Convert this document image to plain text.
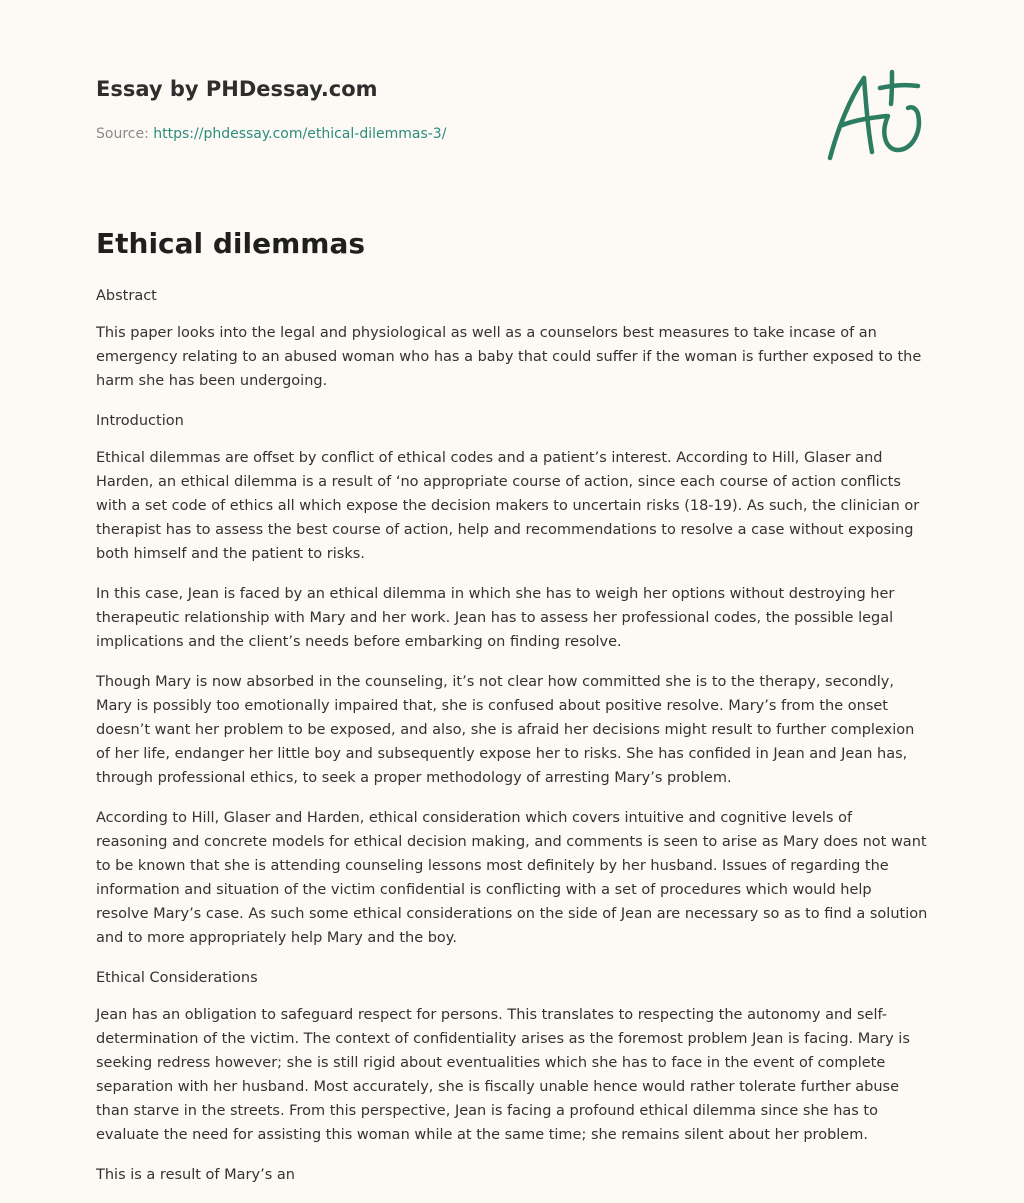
Essay by PHDessay.com
Source: https://phdessay.com/ethical-dilemmas-3/
Ethical dilemmas

Abstract

This paper looks into the legal and physiological as well as a counselors best measures to take incase of an emergency relating to an abused woman who has a baby that could suffer if the woman is further exposed to the harm she has been undergoing.

Introduction

Ethical dilemmas are offset by conflict of ethical codes and a patient’s interest. According to Hill, Glaser and Harden, an ethical dilemma is a result of ‘no appropriate course of action, since each course of action conflicts with a set code of ethics all which expose the decision makers to uncertain risks (18-19). As such, the clinician or therapist has to assess the best course of action, help and recommendations to resolve a case without exposing both himself and the patient to risks.

In this case, Jean is faced by an ethical dilemma in which she has to weigh her options without destroying her therapeutic relationship with Mary and her work. Jean has to assess her professional codes, the possible legal implications and the client’s needs before embarking on finding resolve.

Though Mary is now absorbed in the counseling, it’s not clear how committed she is to the therapy, secondly, Mary is possibly too emotionally impaired that, she is confused about positive resolve. Mary’s from the onset doesn’t want her problem to be exposed, and also, she is afraid her decisions might result to further complexion of her life, endanger her little boy and subsequently expose her to risks. She has confided in Jean and Jean has, through professional ethics, to seek a proper methodology of arresting Mary’s problem.

According to Hill, Glaser and Harden, ethical consideration which covers intuitive and cognitive levels of reasoning and concrete models for ethical decision making, and comments is seen to arise as Mary does not want to be known that she is attending counseling lessons most definitely by her husband. Issues of regarding the information and situation of the victim confidential is conflicting with a set of procedures which would help resolve Mary’s case. As such some ethical considerations on the side of Jean are necessary so as to find a solution and to more appropriately help Mary and the boy.

Ethical Considerations

Jean has an obligation to safeguard respect for persons. This translates to respecting the autonomy and self-determination of the victim. The context of confidentiality arises as the foremost problem Jean is facing. Mary is seeking redress however; she is still rigid about eventualities which she has to face in the event of complete separation with her husband. Most accurately, she is fiscally unable hence would rather tolerate further abuse than starve in the streets. From this perspective, Jean is facing a profound ethical dilemma since she has to evaluate the need for assisting this woman while at the same time; she remains silent about her problem.

This is a result of Mary’s an
